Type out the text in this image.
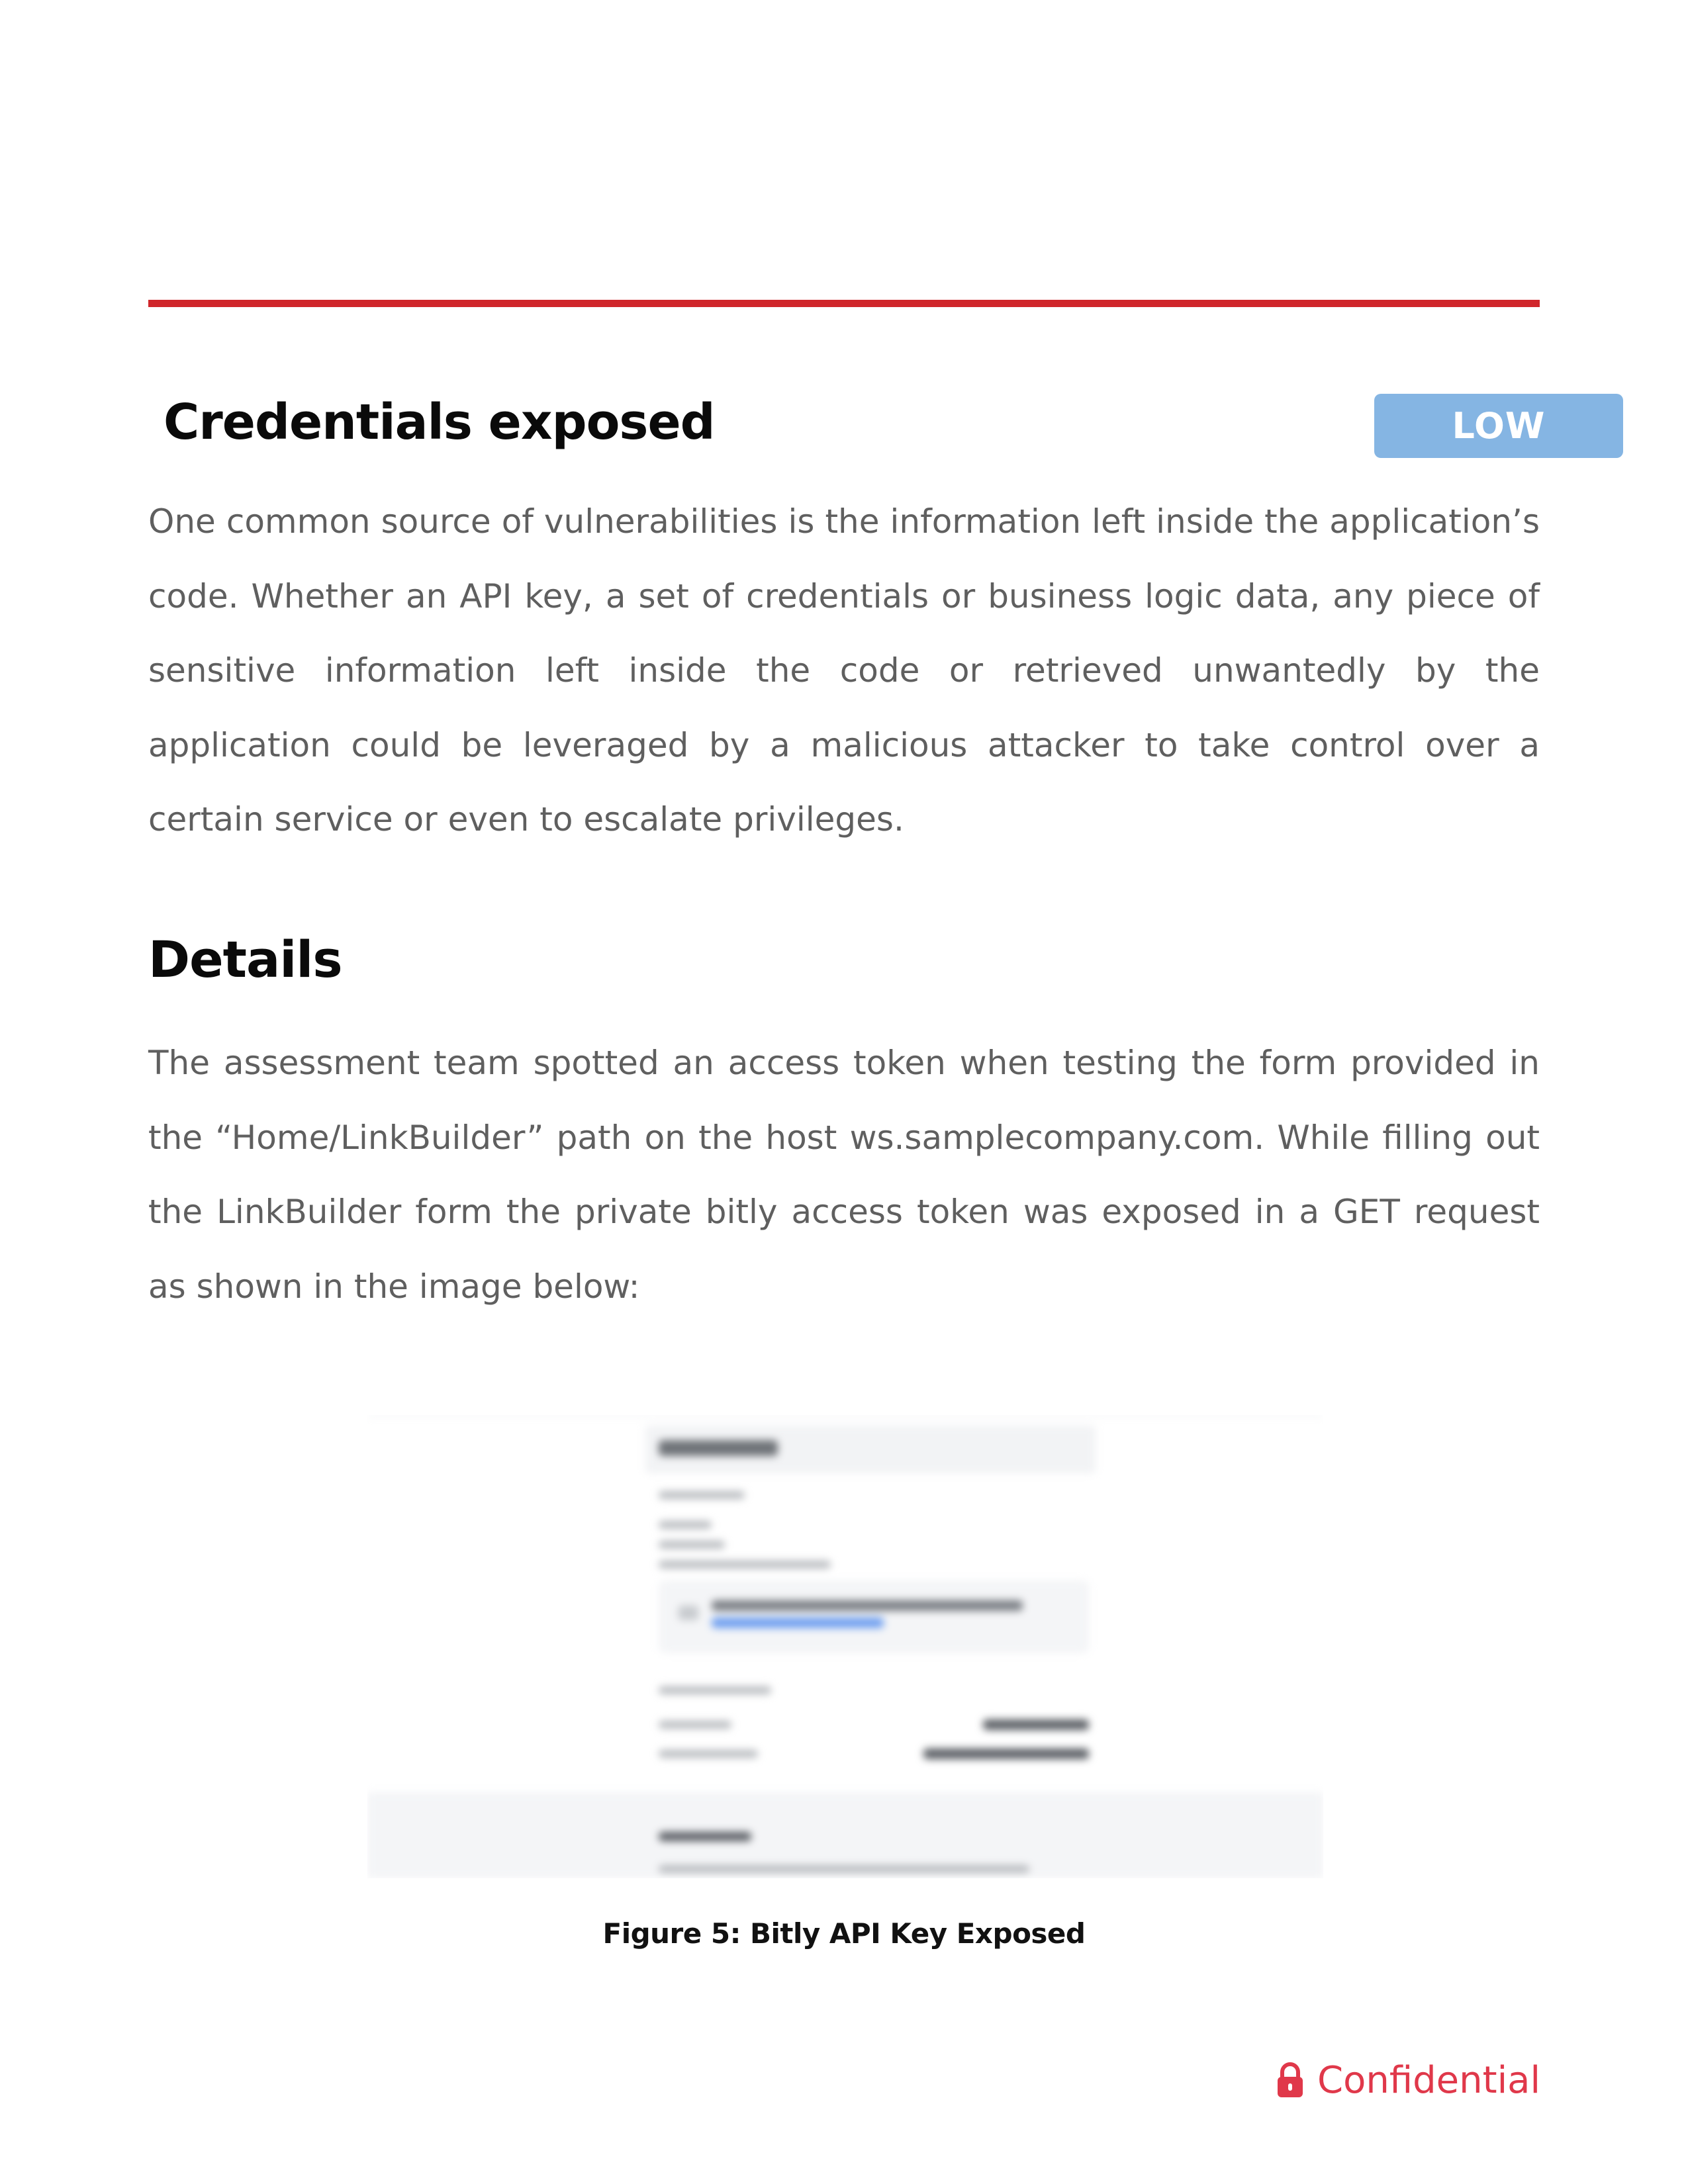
Credentials exposed	LOW

One common source of vulnerabilities is the information left inside the application’s code. Whether an API key, a set of credentials or business logic data, any piece of sensitive information left inside the code or retrieved unwantedly by the application could be leveraged by a malicious attacker to take control over a certain service or even to escalate privileges.

Details

The assessment team spotted an access token when testing the form provided in the “Home/LinkBuilder” path on the host ws.samplecompany.com. While filling out the LinkBuilder form the private bitly access token was exposed in a GET request as shown in the image below:

Figure 5: Bitly API Key Exposed

Confidential
